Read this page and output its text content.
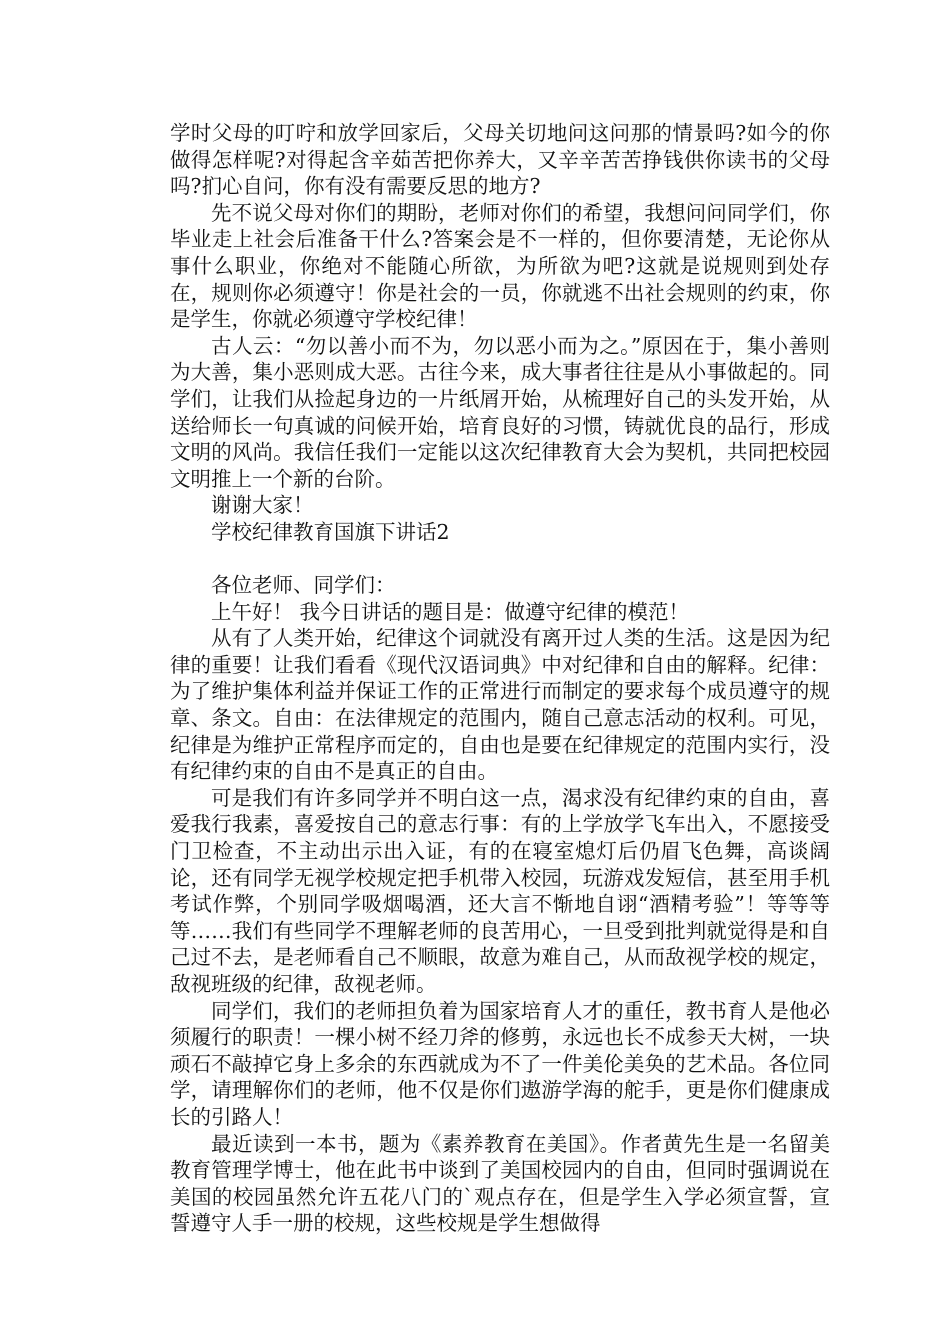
学时父母的叮咛和放学回家后，父母关切地问这问那的情景吗?如今的你做得怎样呢?对得起含辛茹苦把你养大，又辛辛苦苦挣钱供你读书的父母吗?扪心自问，你有没有需要反思的地方?

先不说父母对你们的期盼，老师对你们的希望，我想问问同学们，你毕业走上社会后准备干什么?答案会是不一样的，但你要清楚，无论你从事什么职业，你绝对不能随心所欲，为所欲为吧?这就是说规则到处存在，规则你必须遵守！你是社会的一员，你就逃不出社会规则的约束，你是学生，你就必须遵守学校纪律！

古人云：“勿以善小而不为，勿以恶小而为之。”原因在于，集小善则为大善，集小恶则成大恶。古往今来，成大事者往往是从小事做起的。同学们，让我们从捡起身边的一片纸屑开始，从梳理好自己的头发开始，从送给师长一句真诚的问候开始，培育良好的习惯，铸就优良的品行，形成文明的风尚。我信任我们一定能以这次纪律教育大会为契机，共同把校园文明推上一个新的台阶。

谢谢大家！

学校纪律教育国旗下讲话2

各位老师、同学们：

上午好！ 我今日讲话的题目是：做遵守纪律的模范！

从有了人类开始，纪律这个词就没有离开过人类的生活。这是因为纪律的重要！让我们看看《现代汉语词典》中对纪律和自由的解释。纪律：为了维护集体利益并保证工作的正常进行而制定的要求每个成员遵守的规章、条文。自由：在法律规定的范围内，随自己意志活动的权利。可见，纪律是为维护正常程序而定的，自由也是要在纪律规定的范围内实行，没有纪律约束的自由不是真正的自由。

可是我们有许多同学并不明白这一点，渴求没有纪律约束的自由，喜爱我行我素，喜爱按自己的意志行事：有的上学放学飞车出入，不愿接受门卫检查，不主动出示出入证，有的在寝室熄灯后仍眉飞色舞，高谈阔论，还有同学无视学校规定把手机带入校园，玩游戏发短信，甚至用手机考试作弊，个别同学吸烟喝酒，还大言不惭地自诩“酒精考验”！等等等等……我们有些同学不理解老师的良苦用心，一旦受到批判就觉得是和自己过不去，是老师看自己不顺眼，故意为难自己，从而敌视学校的规定，敌视班级的纪律，敌视老师。

同学们，我们的老师担负着为国家培育人才的重任，教书育人是他必须履行的职责！一棵小树不经刀斧的修剪，永远也长不成参天大树，一块顽石不敲掉它身上多余的东西就成为不了一件美伦美奂的艺术品。各位同学，请理解你们的老师，他不仅是你们遨游学海的舵手，更是你们健康成长的引路人！

最近读到一本书，题为《素养教育在美国》。作者黄先生是一名留美教育管理学博士，他在此书中谈到了美国校园内的自由，但同时强调说在美国的校园虽然允许五花八门的`观点存在，但是学生入学必须宣誓，宣誓遵守人手一册的校规，这些校规是学生想做得
